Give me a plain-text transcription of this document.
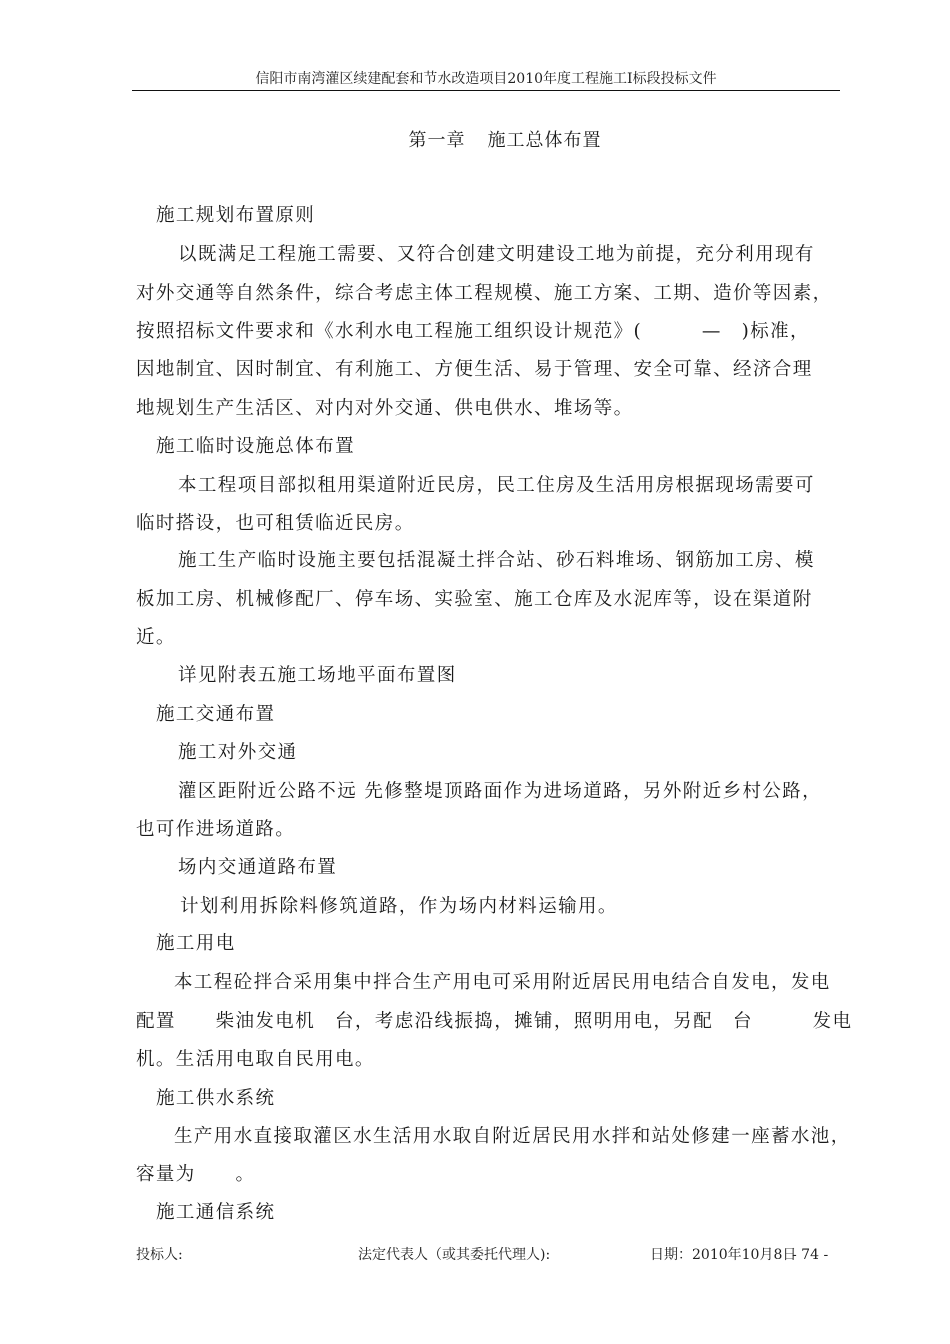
信阳市南湾灌区续建配套和节水改造项目2010年度工程施工I标段投标文件
第一章 施工总体布置
施工规划布置原则
以既满足工程施工需要、又符合创建文明建设工地为前提，充分利用现有
对外交通等自然条件，综合考虑主体工程规模、施工方案、工期、造价等因素，
按照招标文件要求和《水利水电工程施工组织设计规范》(　　　—　)标准，
因地制宜、因时制宜、有利施工、方便生活、易于管理、安全可靠、经济合理
地规划生产生活区、对内对外交通、供电供水、堆场等。
施工临时设施总体布置
本工程项目部拟租用渠道附近民房，民工住房及生活用房根据现场需要可
临时搭设，也可租赁临近民房。
施工生产临时设施主要包括混凝土拌合站、砂石料堆场、钢筋加工房、模
板加工房、机械修配厂、停车场、实验室、施工仓库及水泥库等，设在渠道附
近。
详见附表五施工场地平面布置图
施工交通布置
施工对外交通
灌区距附近公路不远 先修整堤顶路面作为进场道路，另外附近乡村公路，
也可作进场道路。
场内交通道路布置
计划利用拆除料修筑道路，作为场内材料运输用。
施工用电
本工程砼拌合采用集中拌合生产用电可采用附近居民用电结合自发电，发电
配置　　柴油发电机　台，考虑沿线振捣，摊铺，照明用电，另配　台　　　发电
机。生活用电取自民用电。
施工供水系统
生产用水直接取灌区水生活用水取自附近居民用水拌和站处修建一座蓄水池，
容量为　　。
施工通信系统
投标人:	法定代表人（或其委托代理人):	日期：2010年10月8日
- 74 -
